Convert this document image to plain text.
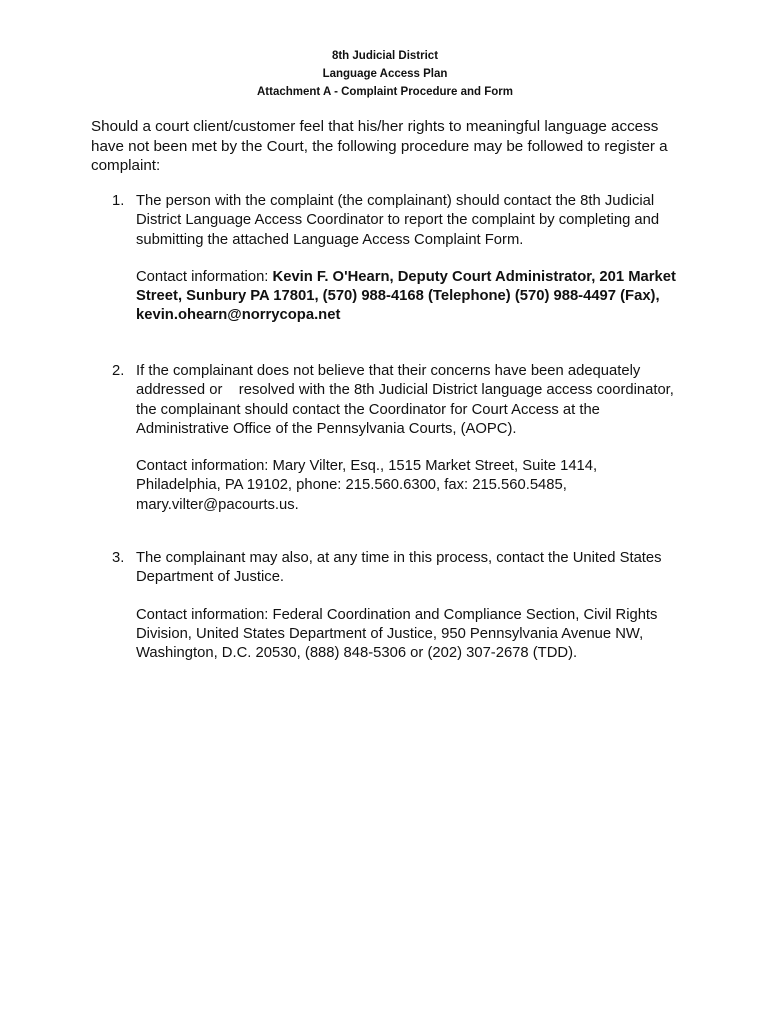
8th Judicial District
Language Access Plan
Attachment A - Complaint Procedure and Form
Should a court client/customer feel that his/her rights to meaningful language access have not been met by the Court, the following procedure may be followed to register a complaint:
1. The person with the complaint (the complainant) should contact the 8th Judicial District Language Access Coordinator to report the complaint by completing and submitting the attached Language Access Complaint Form.
Contact information: Kevin F. O'Hearn, Deputy Court Administrator, 201 Market Street, Sunbury PA 17801, (570) 988-4168 (Telephone) (570) 988-4497 (Fax), kevin.ohearn@norrycopa.net
2. If the complainant does not believe that their concerns have been adequately addressed or    resolved with the 8th Judicial District language access coordinator, the complainant should contact the Coordinator for Court Access at the Administrative Office of the Pennsylvania Courts, (AOPC).
Contact information: Mary Vilter, Esq., 1515 Market Street, Suite 1414, Philadelphia, PA 19102, phone: 215.560.6300, fax: 215.560.5485, mary.vilter@pacourts.us.
3. The complainant may also, at any time in this process, contact the United States Department of Justice.
Contact information: Federal Coordination and Compliance Section, Civil Rights Division, United States Department of Justice, 950 Pennsylvania Avenue NW, Washington, D.C. 20530, (888) 848-5306 or (202) 307-2678 (TDD).
